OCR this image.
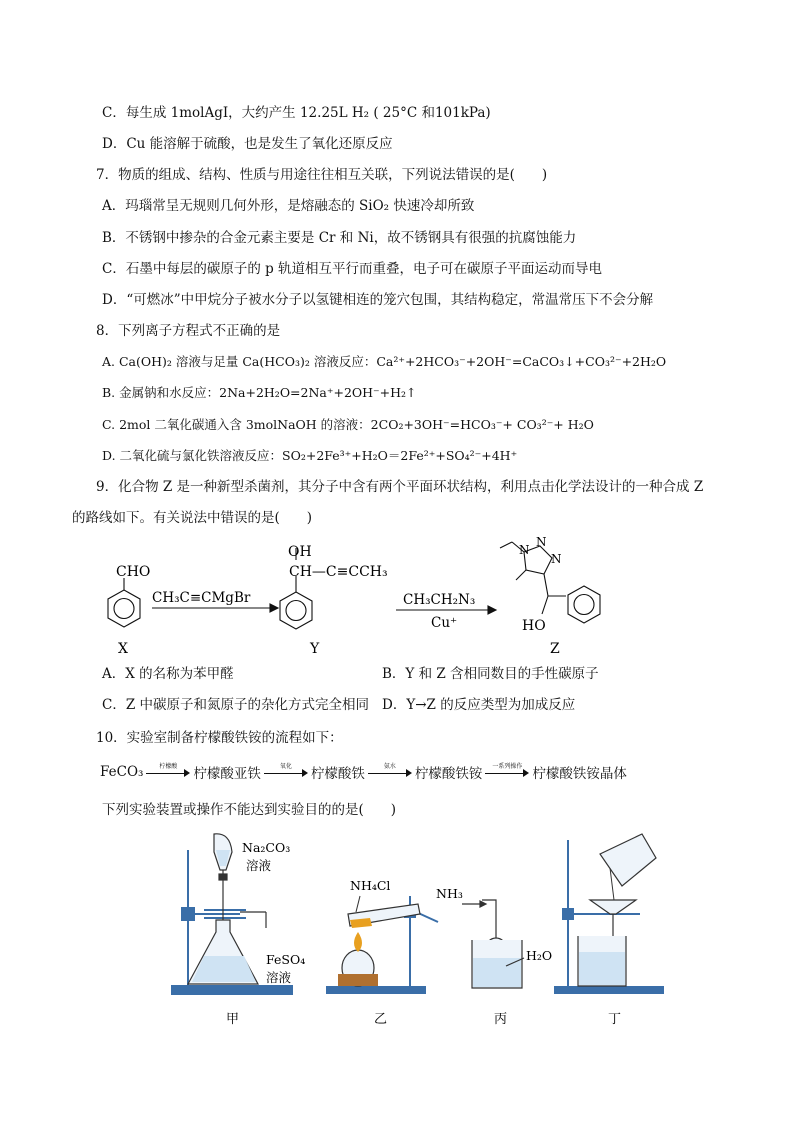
C．每生成 1molAgI，大约产生 12.25L H₂ ( 25°C 和101kPa)
D．Cu 能溶解于硫酸，也是发生了氧化还原反应
7．物质的组成、结构、性质与用途往往相互关联，下列说法错误的是(　　)
A．玛瑙常呈无规则几何外形，是熔融态的 SiO₂ 快速冷却所致
B．不锈钢中掺杂的合金元素主要是 Cr 和 Ni，故不锈钢具有很强的抗腐蚀能力
C．石墨中每层的碳原子的 p 轨道相互平行而重叠，电子可在碳原子平面运动而导电
D．“可燃冰”中甲烷分子被水分子以氢键相连的笼穴包围，其结构稳定，常温常压下不会分解
8．下列离子方程式不正确的是
A. Ca(OH)₂ 溶液与足量 Ca(HCO₃)₂ 溶液反应：Ca²⁺+2HCO₃⁻+2OH⁻=CaCO₃↓+CO₃²⁻+2H₂O
B. 金属钠和水反应：2Na+2H₂O=2Na⁺+2OH⁻+H₂↑
C. 2mol 二氧化碳通入含 3molNaOH 的溶液：2CO₂+3OH⁻=HCO₃⁻+ CO₃²⁻+ H₂O
D. 二氧化硫与氯化铁溶液反应：SO₂+2Fe³⁺+H₂O＝2Fe²⁺+SO₄²⁻+4H⁺
9．化合物 Z 是一种新型杀菌剂，其分子中含有两个平面环状结构，利用点击化学法设计的一种合成 Z
的路线如下。有关说法中错误的是(　　)
CHO
X
CH₃C≡CMgBr
OH
CH—C≡CCH₃
Y
CH₃CH₂N₃
Cu⁺
N
N
N
HO
Z
A．X 的名称为苯甲醛	B．Y 和 Z 含相同数目的手性碳原子
C．Z 中碳原子和氮原子的杂化方式完全相同 D．Y→Z 的反应类型为加成反应
10．实验室制备柠檬酸铁铵的流程如下：
FeCO₃	柠檬酸	柠檬酸亚铁	氧化	柠檬酸铁	氨水	柠檬酸铁铵	一系列操作 柠檬酸铁铵晶体
下列实验装置或操作不能达到实验目的的是(　　)
Na₂CO₃
溶液
FeSO₄
溶液
甲
NH₄Cl
乙
NH₃
H₂O
丙	丁
